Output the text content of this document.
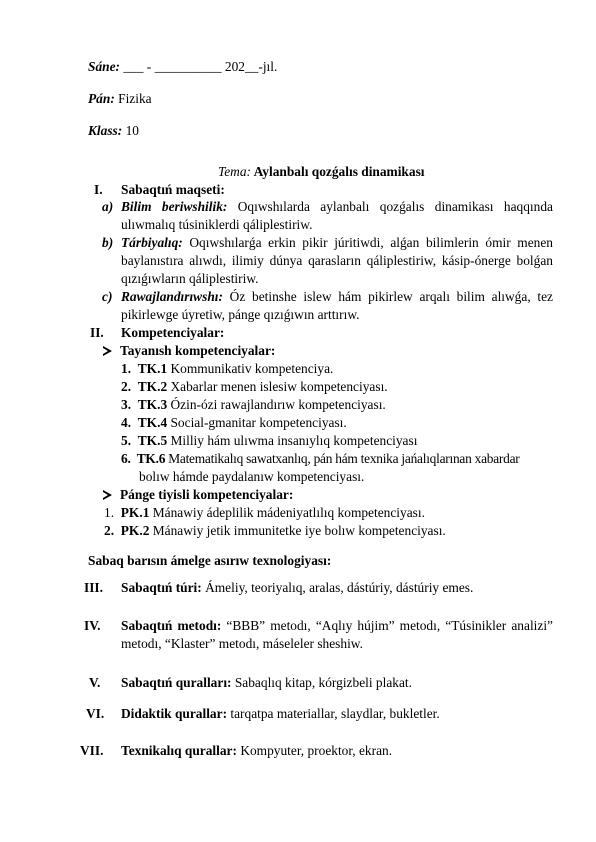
Sáne: ___ - __________ 202__-jıl.
Pán: Fizika
Klass: 10
Tema: Aylanbalı qozǵalıs dinamikası
I. Sabaqtıń maqseti:
a) Bilim beriwshilik: Oqıwshılarda aylanbalı qozǵalıs dinamikası haqqında
ulıwmalıq túsiniklerdi qáliplestiriw.
b) Tárbiyalıq: Oqıwshılarǵa erkin pikir júritiwdi, alǵan bilimlerin ómir menen
baylanıstıra alıwdı, ilimiy dúnya qarasların qáliplestiriw, kásip-ónerge bolǵan
qızıǵıwların qáliplestiriw.
c) Rawajlandırıwshı: Óz betinshe islew hám pikirlew arqalı bilim alıwǵa, tez
pikirlewge úyretiw, pánge qızıǵıwın arttırıw.
II. Kompetenciyalar:
Tayanısh kompetenciyalar:
1. TK.1 Kommunikativ kompetenciya.
2. TK.2 Xabarlar menen islesiw kompetenciyası.
3. TK.3 Ózin-ózi rawajlandırıw kompetenciyası.
4. TK.4 Social-gmanitar kompetenciyası.
5. TK.5 Milliy hám ulıwma insanıylıq kompetenciyası
6. TK.6 Matematikalıq sawatxanlıq, pán hám texnika jańalıqlarınan xabardar
bolıw hámde paydalanıw kompetenciyası.
Pánge tiyisli kompetenciyalar:
1. PK.1 Mánawiy ádeplilik mádeniyatlılıq kompetenciyası.
2. PK.2 Mánawiy jetik immunitetke iye bolıw kompetenciyası.
Sabaq barısın ámelge asırıw texnologiyası:
III. Sabaqtıń túri: Ámeliy, teoriyalıq, aralas, dástúriy, dástúriy emes.
IV. Sabaqtıń metodı: “BBB” metodı, “Aqlıy hújim” metodı, “Túsinikler analizi”
metodı, “Klaster” metodı, máseleler sheshiw.
V. Sabaqtıń quralları: Sabaqlıq kitap, kórgizbeli plakat.
VI. Didaktik qurallar: tarqatpa materiallar, slaydlar, bukletler.
VII. Texnikalıq qurallar: Kompyuter, proektor, ekran.
